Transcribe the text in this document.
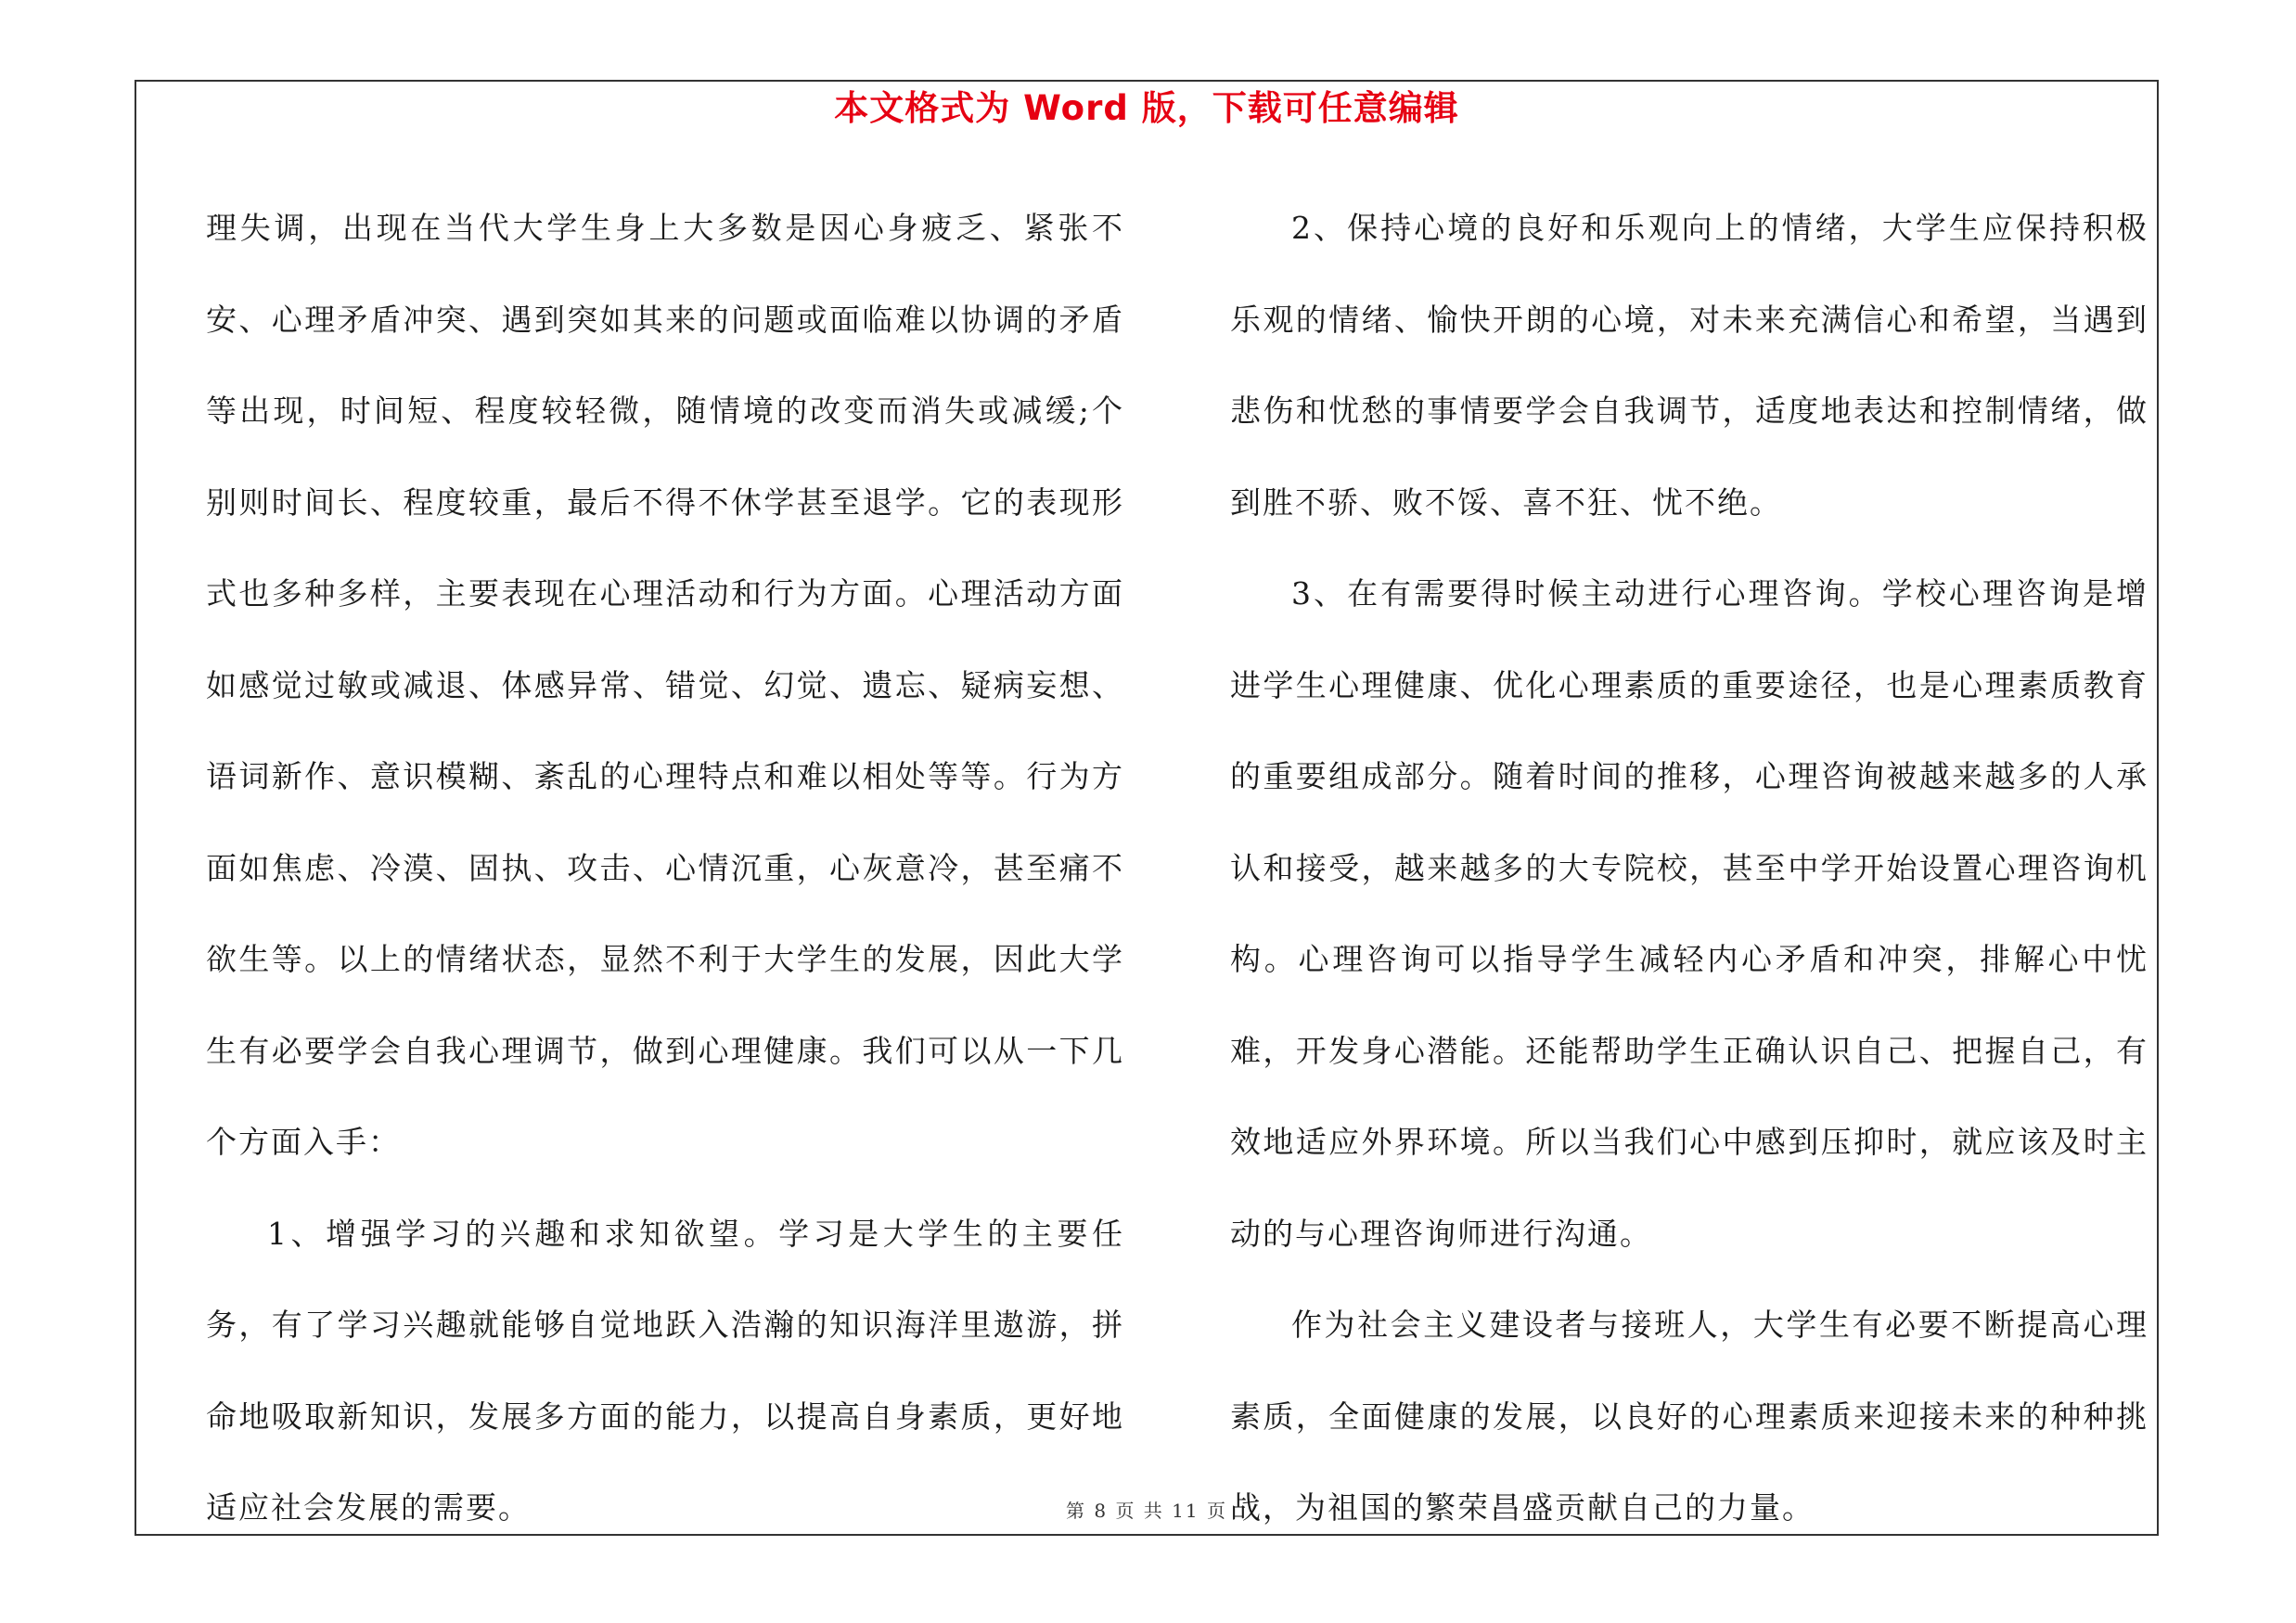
本文格式为 Word 版，下载可任意编辑

理失调，出现在当代大学生身上大多数是因心身疲乏、紧张不安、心理矛盾冲突、遇到突如其来的问题或面临难以协调的矛盾等出现，时间短、程度较轻微，随情境的改变而消失或减缓;个别则时间长、程度较重，最后不得不休学甚至退学。它的表现形式也多种多样，主要表现在心理活动和行为方面。心理活动方面如感觉过敏或减退、体感异常、错觉、幻觉、遗忘、疑病妄想、语词新作、意识模糊、紊乱的心理特点和难以相处等等。行为方面如焦虑、冷漠、固执、攻击、心情沉重，心灰意冷，甚至痛不欲生等。以上的情绪状态，显然不利于大学生的发展，因此大学生有必要学会自我心理调节，做到心理健康。我们可以从一下几个方面入手：

1、增强学习的兴趣和求知欲望。学习是大学生的主要任务，有了学习兴趣就能够自觉地跃入浩瀚的知识海洋里遨游，拼命地吸取新知识，发展多方面的能力，以提高自身素质，更好地适应社会发展的需要。

2、保持心境的良好和乐观向上的情绪，大学生应保持积极乐观的情绪、愉快开朗的心境，对未来充满信心和希望，当遇到悲伤和忧愁的事情要学会自我调节，适度地表达和控制情绪，做到胜不骄、败不馁、喜不狂、忧不绝。

3、在有需要得时候主动进行心理咨询。学校心理咨询是增进学生心理健康、优化心理素质的重要途径，也是心理素质教育的重要组成部分。随着时间的推移，心理咨询被越来越多的人承认和接受，越来越多的大专院校，甚至中学开始设置心理咨询机构。心理咨询可以指导学生减轻内心矛盾和冲突，排解心中忧难，开发身心潜能。还能帮助学生正确认识自己、把握自己，有效地适应外界环境。所以当我们心中感到压抑时，就应该及时主动的与心理咨询师进行沟通。

作为社会主义建设者与接班人，大学生有必要不断提高心理素质，全面健康的发展，以良好的心理素质来迎接未来的种种挑战，为祖国的繁荣昌盛贡献自己的力量。

第 8 页 共 11 页
